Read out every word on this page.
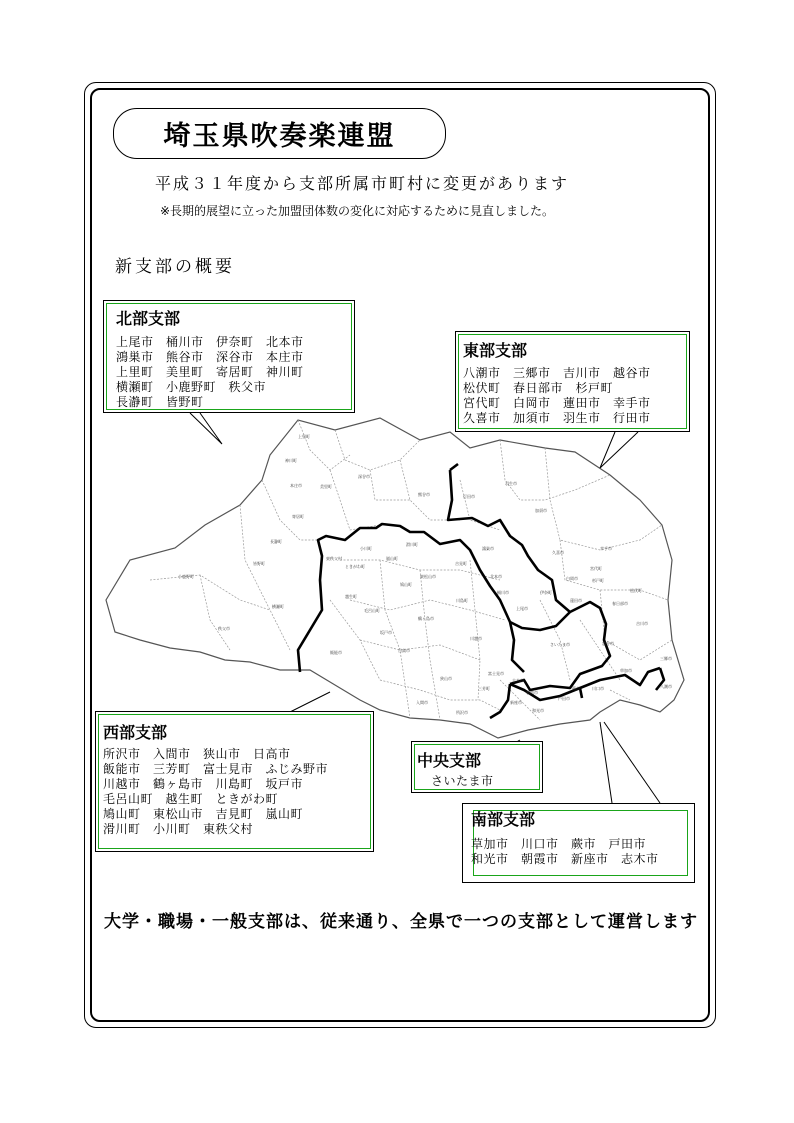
埼玉県吹奏楽連盟
平成３１年度から支部所属市町村に変更があります
※長期的展望に立った加盟団体数の変化に対応するために見直しました。
新支部の概要
上里町
神川町
本庄市	美里町
深谷市
熊谷市	行田市
羽生市
加須市
寄居町
長瀞町
皆野町
秩父市
小鹿野町
横瀬町
飯能市	日高市
鶴ヶ島市
東松山市
小川町
嵐山町
吉見町
鴻巣市
北本市
桶川市
上尾市
伊奈町
久喜市
幸手市
杉戸町
春日部市
越谷市
吉川市
三郷市
八潮市
草加市
川口市
戸田市
蕨市
和光市
朝霞市
新座市
志木市
富士見市
三芳町
所沢市
狭山市
入間市
川越市
坂戸市
毛呂山町
越生町
ときがわ町
鳩山町
滑川町
東秩父村
川島町
白岡市
蓮田市
宮代町
松伏町
さいたま市
北部支部
上尾市　桶川市　伊奈町　北本市
鴻巣市　熊谷市　深谷市　本庄市
上里町　美里町　寄居町　神川町
横瀬町　小鹿野町　秩父市
長瀞町　皆野町
東部支部
八潮市　三郷市　吉川市　越谷市
松伏町　春日部市　杉戸町
宮代町　白岡市　蓮田市　幸手市
久喜市　加須市　羽生市　行田市
西部支部
所沢市　入間市　狭山市　日高市
飯能市　三芳町　富士見市　ふじみ野市
川越市　鶴ヶ島市　川島町　坂戸市
毛呂山町　越生町　ときがわ町
鳩山町　東松山市　吉見町　嵐山町
滑川町　小川町　東秩父村
中央支部
さいたま市
南部支部
草加市　川口市　蕨市　戸田市
和光市　朝霞市　新座市　志木市
大学・職場・一般支部は、従来通り、全県で一つの支部として運営します
